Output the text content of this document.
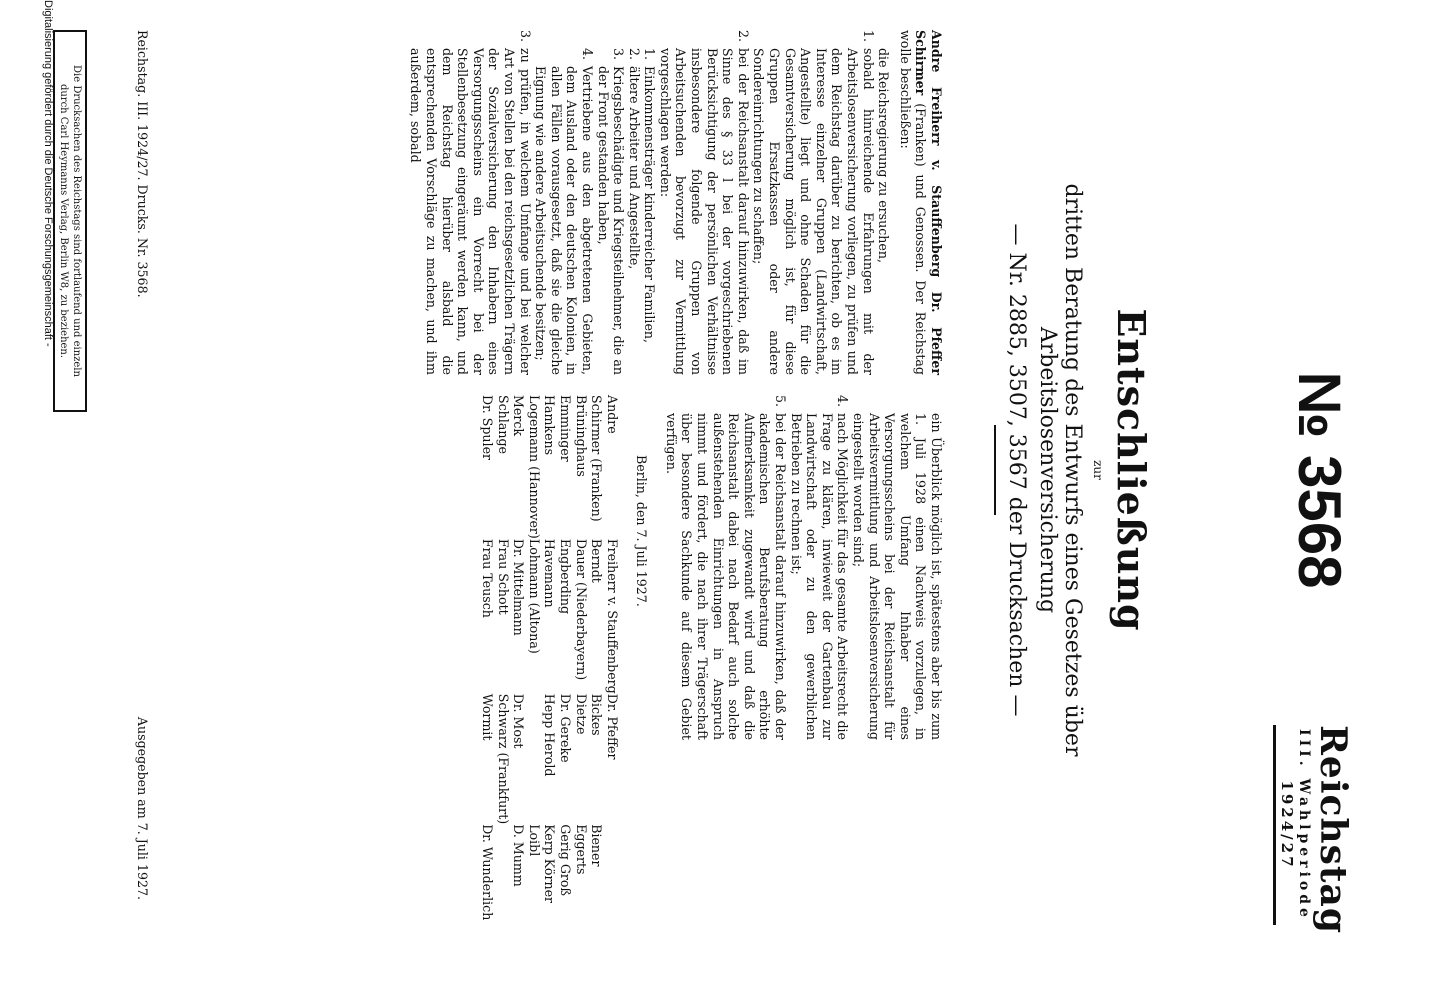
№ 3568
Reichstag
III. Wahlperiode
1924/27
Entschließung
zur
dritten Beratung des Entwurfs eines Gesetzes über Arbeitslosenversicherung
— Nr. 2885, 3507, 3567 der Drucksachen —

Andre Freiherr v. Stauffenberg Dr. Pfeffer Schirmer (Franken) und Genossen. Der Reichstag wolle beschließen:

die Reichsregierung zu ersuchen,

1.
sobald hinreichende Erfahrungen mit der Arbeitslosenversicherung vorliegen, zu prüfen und dem Reichstag darüber zu berichten, ob es im Interesse einzelner Gruppen (Landwirtschaft, Angestellte) liegt und ohne Schaden für die Gesamtversicherung möglich ist, für diese Gruppen Ersatzkassen oder andere Sondereinrichtungen zu schaffen;
2.
bei der Reichsanstalt darauf hinzuwirken, daß im Sinne des § 33 l bei der vorgeschriebenen Berücksichtigung der persönlichen Verhältnisse insbesondere folgende Gruppen von Arbeitsuchenden bevorzugt zur Vermittlung vorgeschlagen werden:
1.
Einkommensträger kinderreicher Familien,
2.
ältere Arbeiter und Angestellte,
3.
Kriegsbeschädigte und Kriegsteilnehmer, die an der Front gestanden haben,
4.
Vertriebene aus den abgetretenen Gebieten, dem Ausland oder den deutschen Kolonien, in allen Fällen vorausgesetzt, daß sie die gleiche Eignung wie andere Arbeitsuchende besitzen;
3.
zu prüfen, in welchem Umfange und bei welcher Art von Stellen bei den reichsgesetzlichen Trägern der Sozialversicherung den Inhabern eines Versorgungsscheins ein Vorrecht bei der Stellenbesetzung eingeräumt werden kann, und dem Reichstag hierüber alsbald die entsprechenden Vorschläge zu machen, und ihm außerdem, sobald

ein Überblick möglich ist, spätestens aber bis zum 1. Juli 1928 einen Nachweis vorzulegen, in welchem Umfang Inhaber eines Versorgungsscheins bei der Reichsanstalt für Arbeitsvermittlung und Arbeitslosenversicherung eingestellt worden sind;

4.
nach Möglichkeit für das gesamte Arbeitsrecht die Frage zu klären, inwieweit der Gartenbau zur Landwirtschaft oder zu den gewerblichen Betrieben zu rechnen ist;
5.
bei der Reichsanstalt darauf hinzuwirken, daß der akademischen Berufsberatung erhöhte Aufmerksamkeit zugewandt wird und daß die Reichsanstalt dabei nach Bedarf auch solche außenstehenden Einrichtungen in Anspruch nimmt und fördert, die nach ihrer Trägerschaft über besondere Sachkunde auf diesem Gebiet verfügen.

Berlin, den 7. Juli 1927.

Andre
Freiherr v. Stauffenberg
Dr. Pfeffer
Schirmer (Franken)
Berndt
Bickes
Biener
Brüninghaus
Dauer (Niederbayern)
Dietze
Eggerts
Emminger
Engberding
Dr. Gereke
Gerig Groß
Hamkens
Havemann
Hepp Herold
Kerp Körner
Logemann (Hannover)
Lohmann (Altona)
Loibl
Merck
Dr. Mittelmann
Dr. Most
D. Mumm
Schlange
Frau Schott
Schwarz (Frankfurt)
Dr. Spuler
Frau Teusch
Wormit
Dr. Wunderlich
Reichstag. III. 1924/27. Drucks. Nr. 3568.
Ausgegeben am 7. Juli 1927.
Die Drucksachen des Reichstags sind fortlaufend und einzeln
durch Carl Heymanns Verlag, Berlin W8, zu beziehen.
Digitalisierung gefördert durch die Deutsche Forschungsgemeinschaft -
